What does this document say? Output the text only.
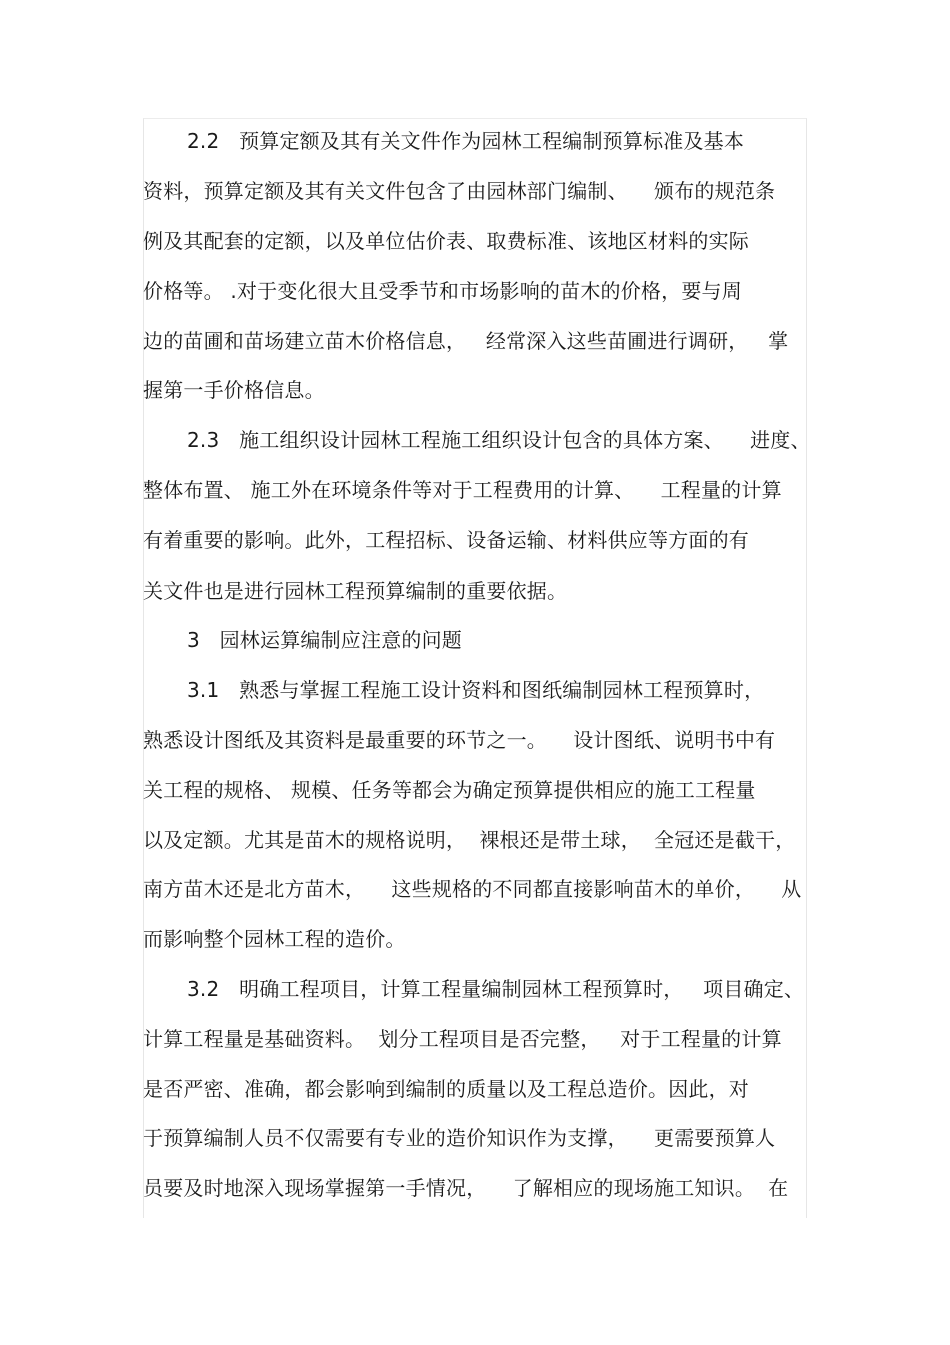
2.2   预算定额及其有关文件作为园林工程编制预算标准及基本
资料，预算定额及其有关文件包含了由园林部门编制、    颁布的规范条
例及其配套的定额，以及单位估价表、取费标准、该地区材料的实际
价格等。 .对于变化很大且受季节和市场影响的苗木的价格，要与周
边的苗圃和苗场建立苗木价格信息，   经常深入这些苗圃进行调研，   掌
握第一手价格信息。
2.3   施工组织设计园林工程施工组织设计包含的具体方案、    进度、
整体布置、 施工外在环境条件等对于工程费用的计算、    工程量的计算
有着重要的影响。此外，工程招标、设备运输、材料供应等方面的有
关文件也是进行园林工程预算编制的重要依据。
3   园林运算编制应注意的问题
3.1   熟悉与掌握工程施工设计资料和图纸编制园林工程预算时，
熟悉设计图纸及其资料是最重要的环节之一。    设计图纸、说明书中有
关工程的规格、 规模、任务等都会为确定预算提供相应的施工工程量
以及定额。尤其是苗木的规格说明，  裸根还是带土球，  全冠还是截干，
南方苗木还是北方苗木，    这些规格的不同都直接影响苗木的单价，    从
而影响整个园林工程的造价。
3.2   明确工程项目，计算工程量编制园林工程预算时，   项目确定、
计算工程量是基础资料。  划分工程项目是否完整，   对于工程量的计算
是否严密、准确，都会影响到编制的质量以及工程总造价。因此，对
于预算编制人员不仅需要有专业的造价知识作为支撑，    更需要预算人
员要及时地深入现场掌握第一手情况，    了解相应的现场施工知识。  在
